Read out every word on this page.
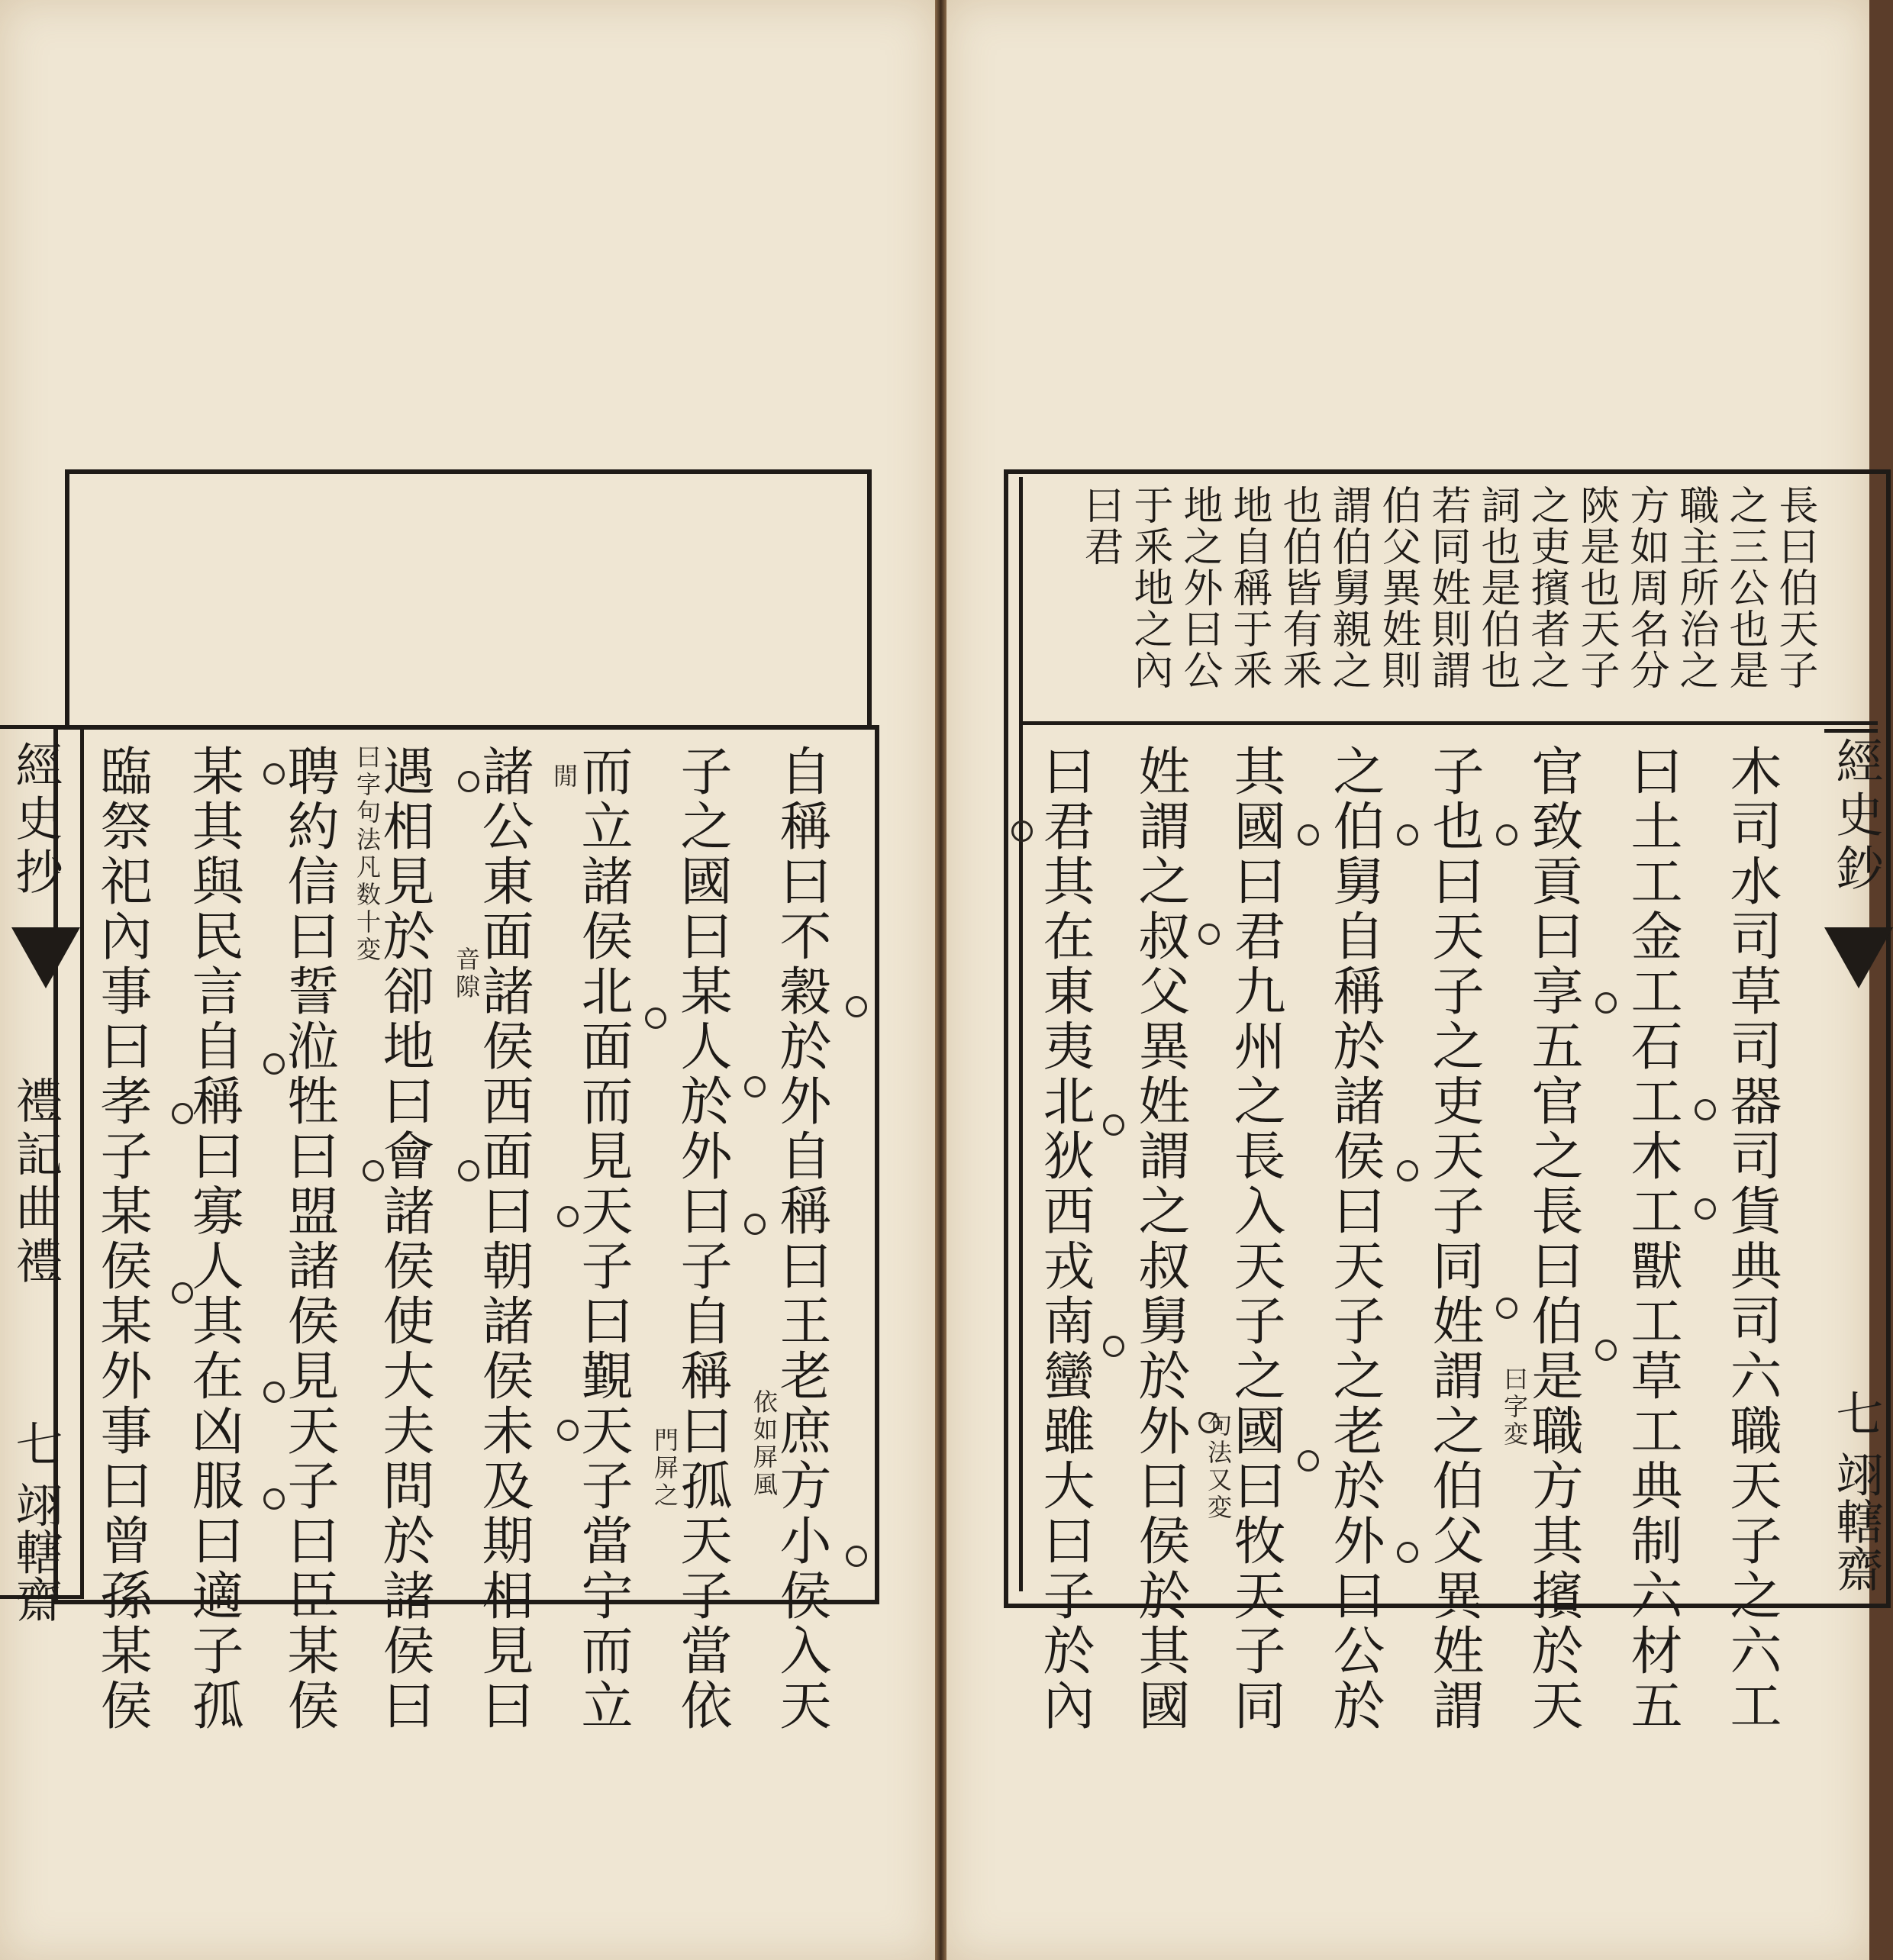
自稱曰不穀於外自稱曰王老庶方小侯入天
子之國曰某人於外曰子自稱曰孤天子當依
而立諸侯北面而見天子曰覲天子當宁而立
諸公東面諸侯西面曰朝諸侯未及期相見曰
遇相見於卻地曰會諸侯使大夫問於諸侯曰
聘約信曰誓涖牲曰盟諸侯見天子曰臣某侯
某其與民言自稱曰寡人其在凶服曰適子孤
臨祭祀內事曰孝子某侯某外事曰曾孫某侯	依如屏風
門屏之
閒
音隙
曰字句法凡数十変
經史抄
禮記曲禮
七
翊轄齋
長曰伯天子
之三公也是
職主所治之
方如周名分
陝是也天子
之吏擯者之
詞也是伯也
若同姓則謂
伯父異姓則
謂伯舅親之
也伯皆有釆
地自稱于釆
地之外曰公
于釆地之內
曰君
木司水司草司器司貨典司六職天子之六工
曰土工金工石工木工獸工草工典制六材五
官致貢曰享五官之長曰伯是職方其擯於天
子也曰天子之吏天子同姓謂之伯父異姓謂
之伯舅自稱於諸侯曰天子之老於外曰公於
其國曰君九州之長入天子之國曰牧天子同
姓謂之叔父異姓謂之叔舅於外曰侯於其國
曰君其在東夷北狄西戎南蠻雖大曰子於內	曰字変
句法又変
經史鈔
七
翊轄齋
